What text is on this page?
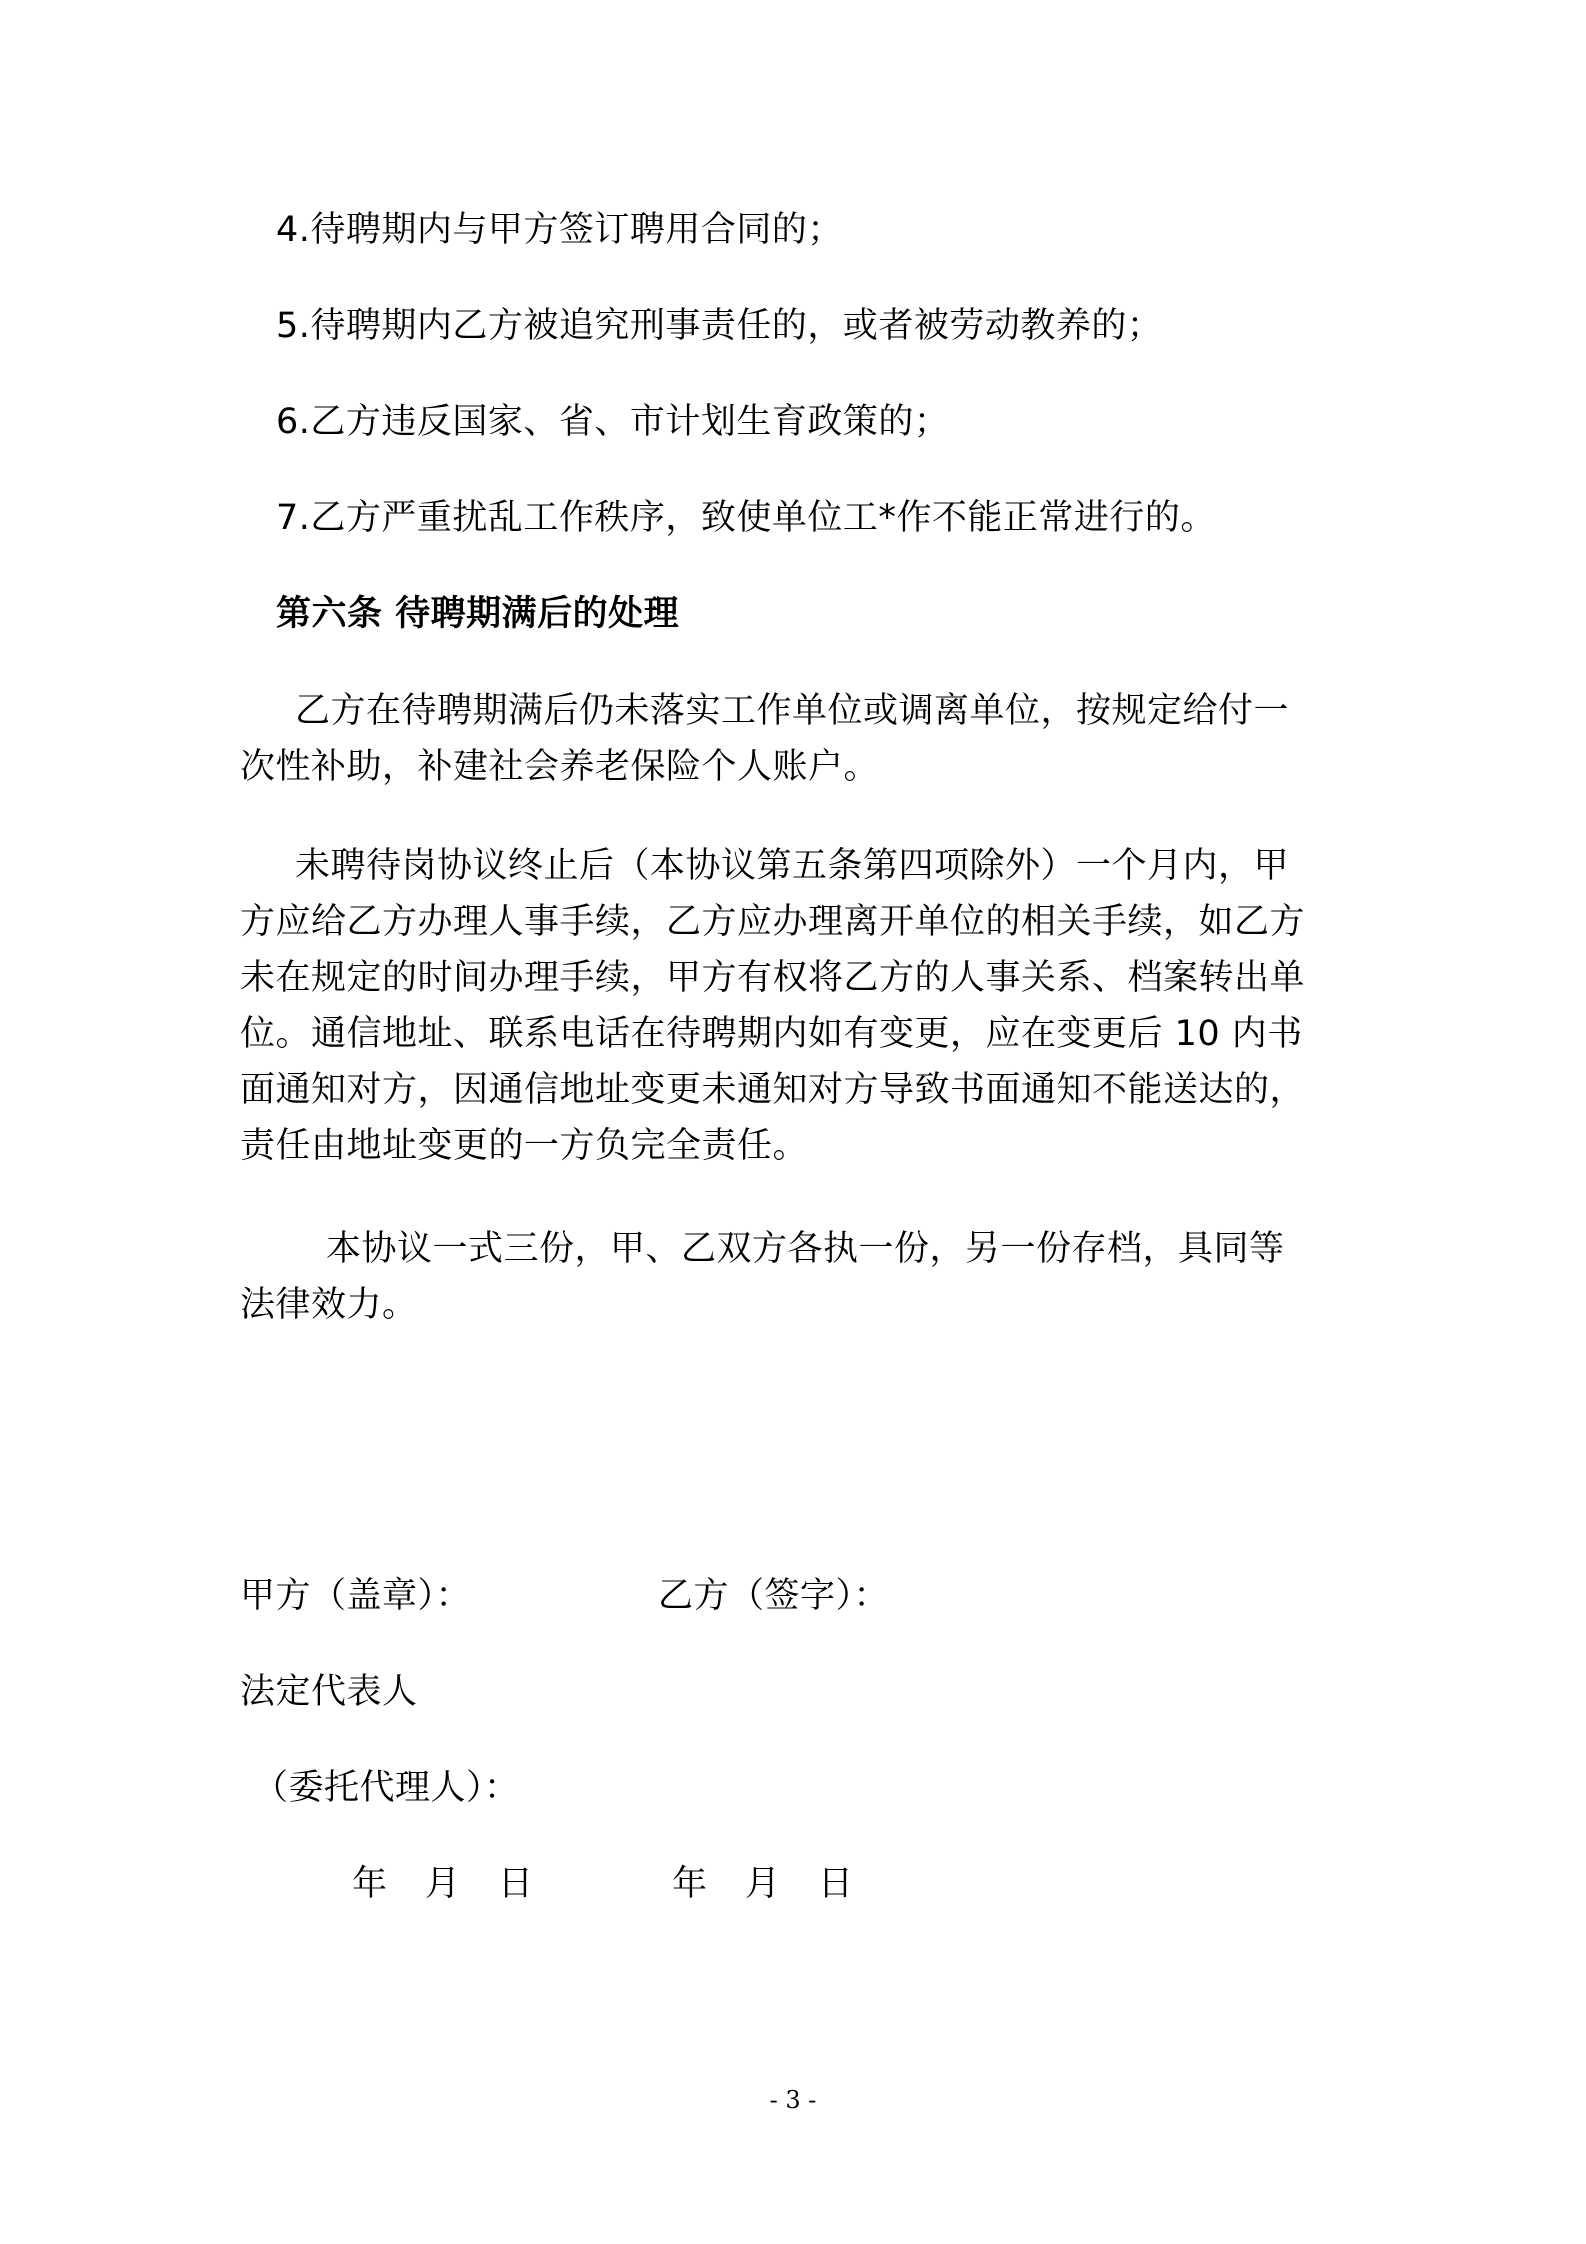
4.待聘期内与甲方签订聘用合同的；
5.待聘期内乙方被追究刑事责任的，或者被劳动教养的；
6.乙方违反国家、省、市计划生育政策的；
7.乙方严重扰乱工作秩序，致使单位工*作不能正常进行的。
第六条 待聘期满后的处理
乙方在待聘期满后仍未落实工作单位或调离单位，按规定给付一
次性补助，补建社会养老保险个人账户。
未聘待岗协议终止后（本协议第五条第四项除外）一个月内，甲
方应给乙方办理人事手续，乙方应办理离开单位的相关手续，如乙方
未在规定的时间办理手续，甲方有权将乙方的人事关系、档案转出单
位。通信地址、联系电话在待聘期内如有变更，应在变更后 10 内书
面通知对方，因通信地址变更未通知对方导致书面通知不能送达的，
责任由地址变更的一方负完全责任。
本协议一式三份，甲、乙双方各执一份，另一份存档，具同等
法律效力。
甲方（盖章）：	乙方（签字）：
法定代表人
（委托代理人）：
年 月 日	年 月 日
- 3 -
